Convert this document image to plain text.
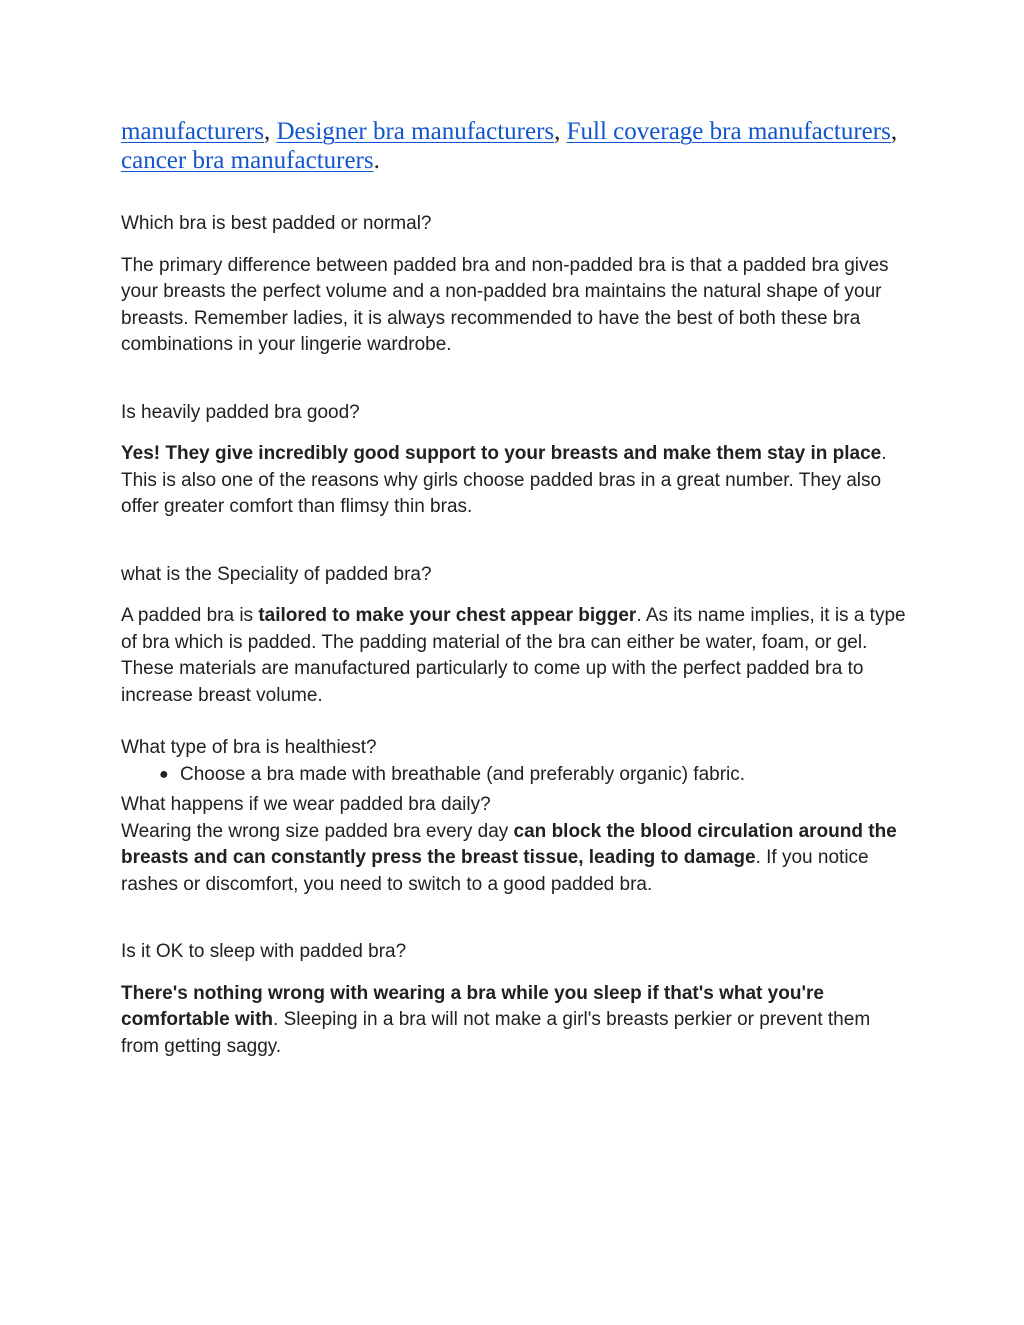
manufacturers, Designer bra manufacturers, Full coverage bra manufacturers, cancer bra manufacturers.

Which bra is best padded or normal?

The primary difference between padded bra and non-padded bra is that a padded bra gives your breasts the perfect volume and a non-padded bra maintains the natural shape of your breasts. Remember ladies, it is always recommended to have the best of both these bra combinations in your lingerie wardrobe.

Is heavily padded bra good?

Yes! They give incredibly good support to your breasts and make them stay in place. This is also one of the reasons why girls choose padded bras in a great number. They also offer greater comfort than flimsy thin bras.

what is the Speciality of padded bra?

A padded bra is tailored to make your chest appear bigger. As its name implies, it is a type of bra which is padded. The padding material of the bra can either be water, foam, or gel. These materials are manufactured particularly to come up with the perfect padded bra to increase breast volume.

What type of bra is healthiest?

● Choose a bra made with breathable (and preferably organic) fabric.

What happens if we wear padded bra daily?

Wearing the wrong size padded bra every day can block the blood circulation around the breasts and can constantly press the breast tissue, leading to damage. If you notice rashes or discomfort, you need to switch to a good padded bra.

Is it OK to sleep with padded bra?

There's nothing wrong with wearing a bra while you sleep if that's what you're comfortable with. Sleeping in a bra will not make a girl's breasts perkier or prevent them from getting saggy.
